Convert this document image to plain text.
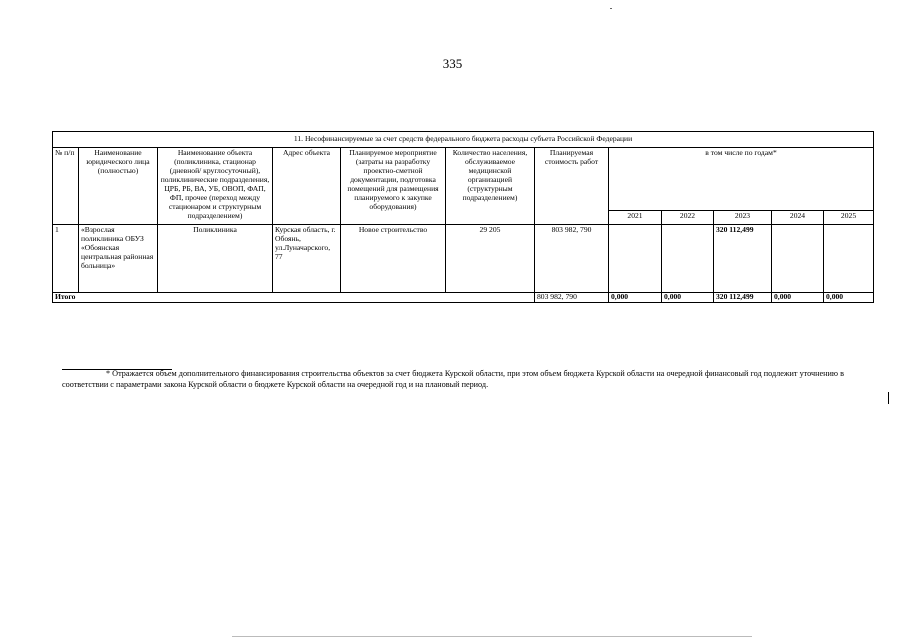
335
11. Несофинансируемые за счет средств федерального бюджета расходы субъета Российской Федерации											
№ п/п	Наименование юридического лица (полностью)	Наименование объекта (поликлиника, стационар (дневной/ круглосуточный), поликлинические подразделения, ЦРБ, РБ, ВА, УБ, ОВОП, ФАП, ФП, прочее (переход между стационаром и структурным подразделением)	Адрес объекта	Планируемое мероприятие (затраты на разработку проектно-сметной документации, подготовка помещений для размещения планируемого к закупке оборудования)	Количество населения, обслуживаемое медицинской организацией (структурным подразделением)	Планируемая стоимость работ	в том числе по годам*				
							2021	2022	2023	2024	2025
1	«Взрослая поликлиника ОБУЗ «Обоянская центральная районная больница»	Поликлиника	Курская область, г. Обоянь, ул.Луначарского, 77	Новое строительство	29 205	803 982, 790			320 112,499		
Итого						803 982, 790	0,000	0,000	320 112,499	0,000	0,000
* Отражается объем дополнительного финансирования строительства объектов за счет бюджета Курской области, при этом объем бюджета Курской области на очередной финансовый год подлежит уточнению в соответствии с параметрами закона Курской области о бюджете Курской области на очередной год и на плановый период.
